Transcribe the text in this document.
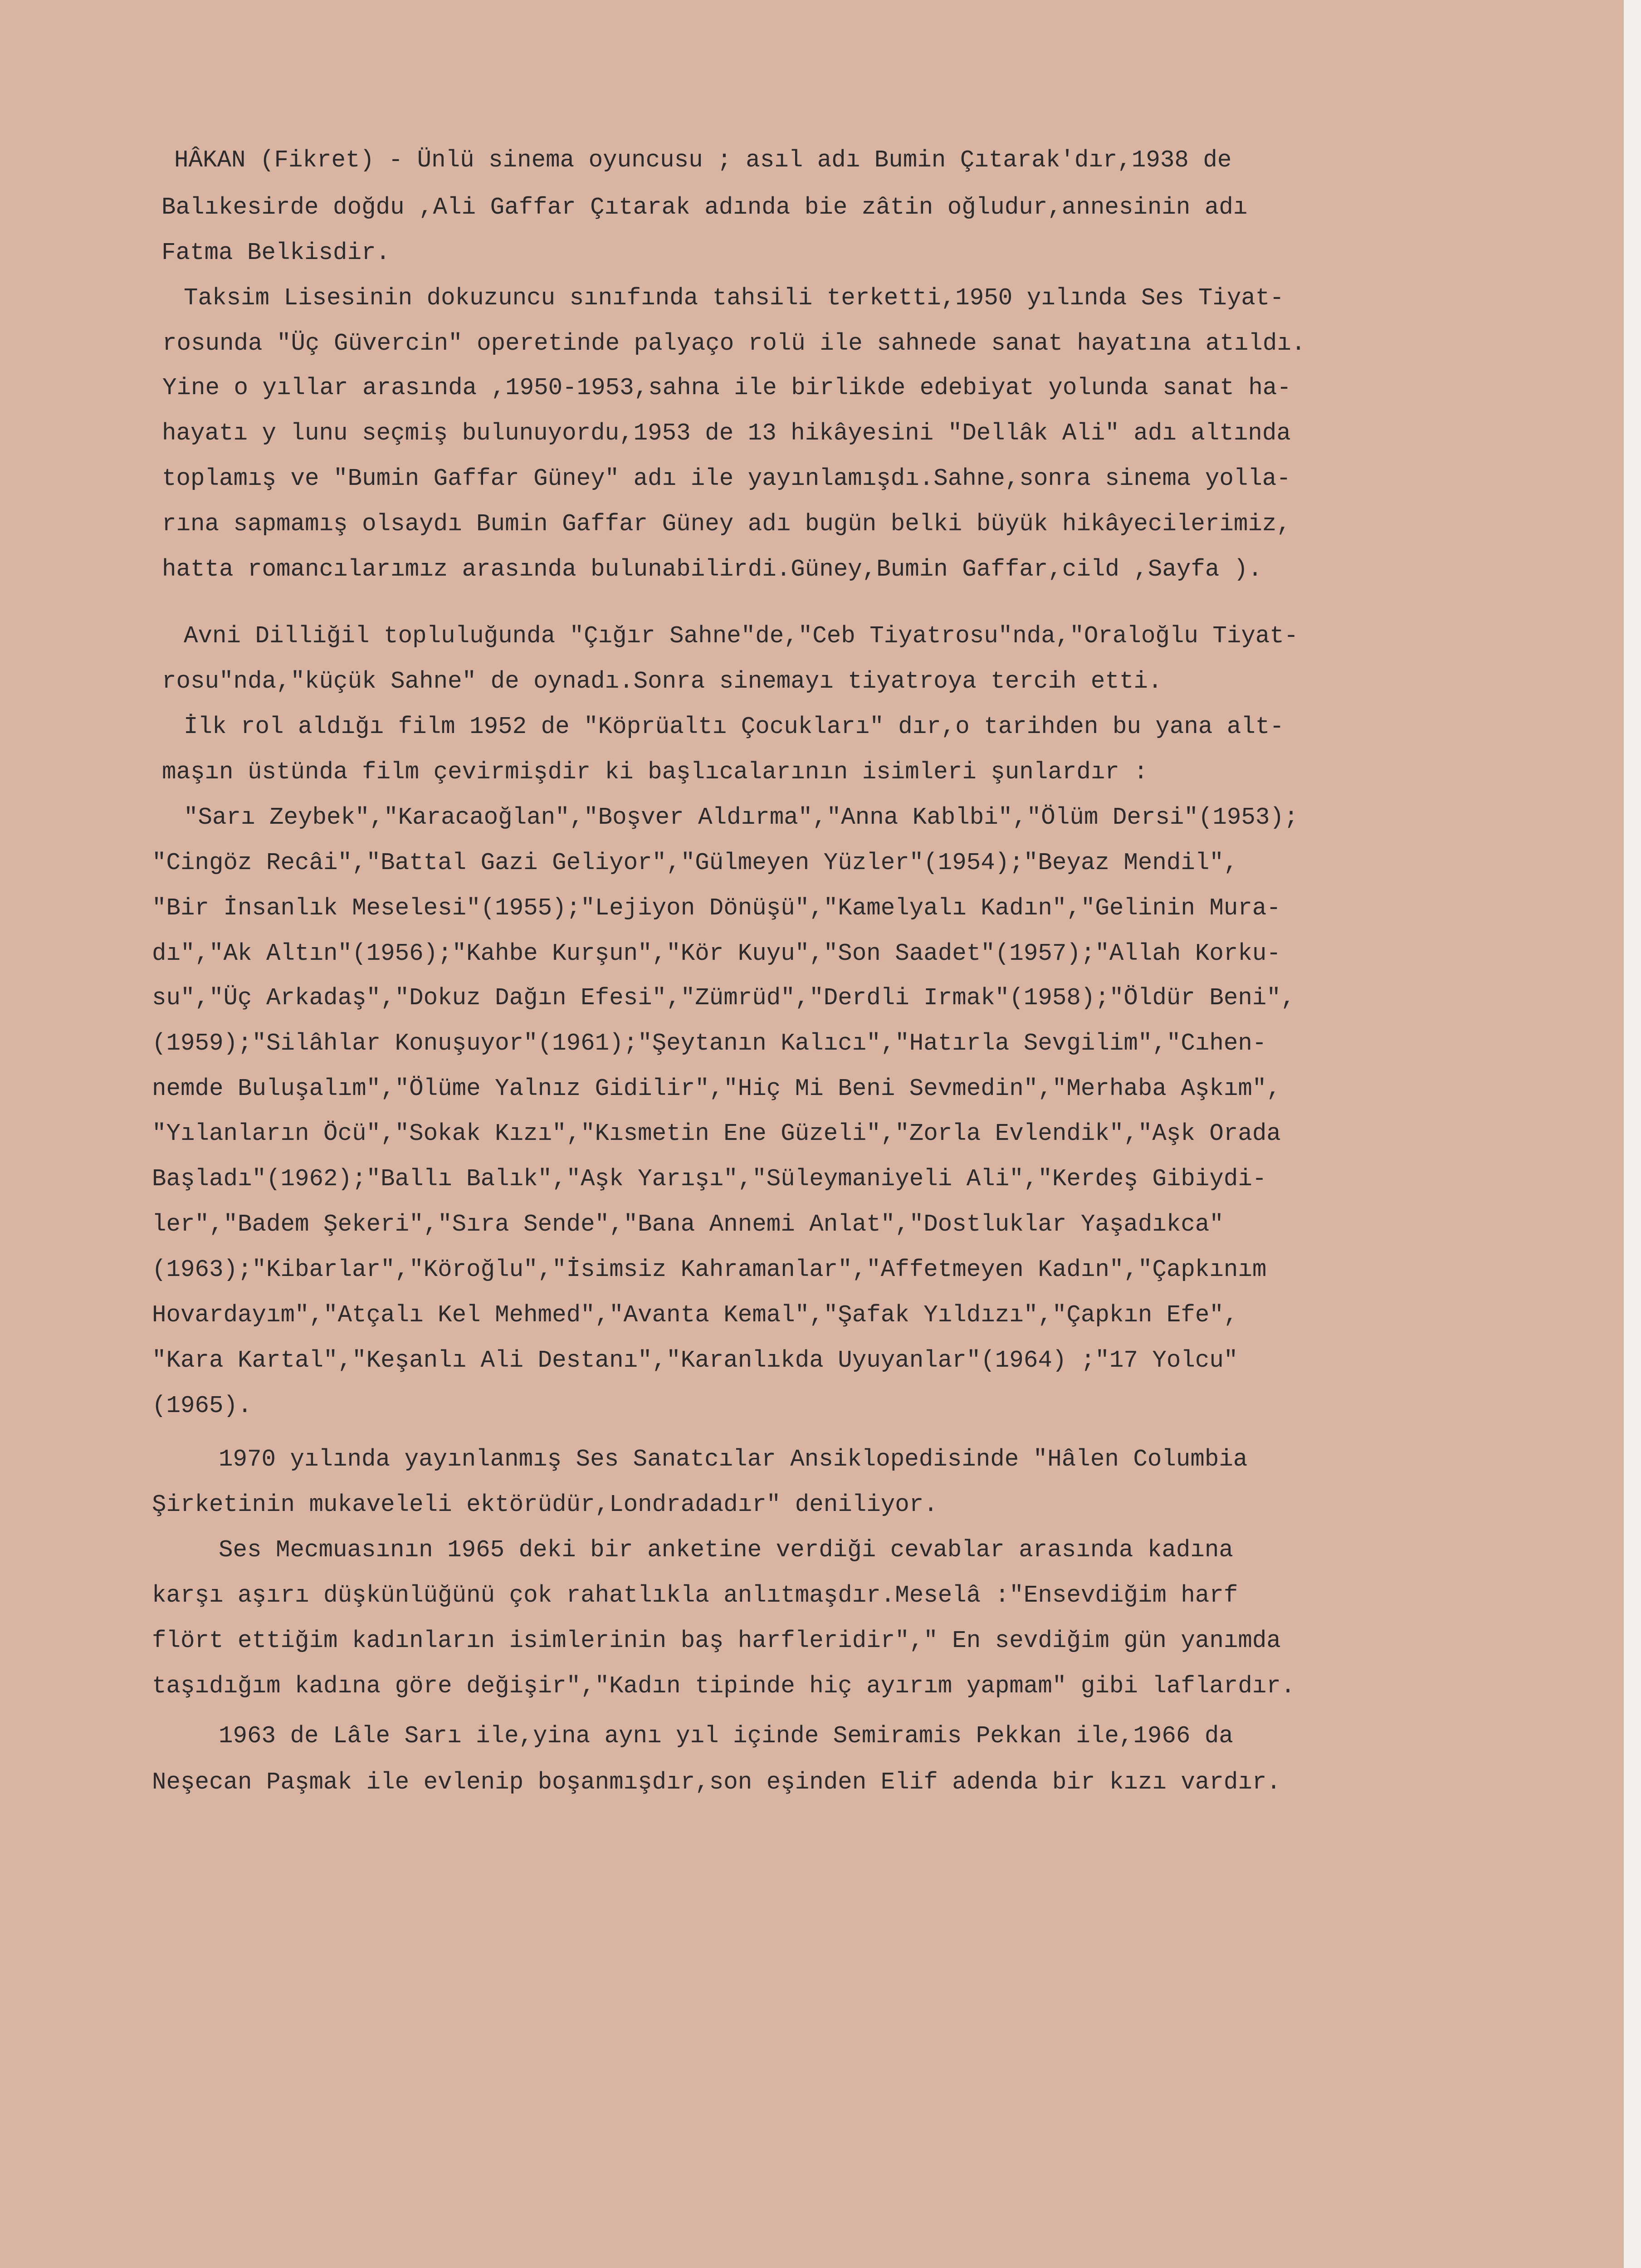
HÂKAN (Fikret) - Ünlü sinema oyuncusu ; asıl adı Bumin Çıtarak'dır,1938 de

Balıkesirde doğdu ,Ali Gaffar Çıtarak adında bie zâtin oğludur,annesinin adı

Fatma Belkisdir.

Taksim Lisesinin dokuzuncu sınıfında tahsili terketti,1950 yılında Ses Tiyat-

rosunda "Üç Güvercin" operetinde palyaço rolü ile sahnede sanat hayatına atıldı.

Yine o yıllar arasında ,1950-1953,sahna ile birlikde edebiyat yolunda sanat ha-

hayatı y lunu seçmiş bulunuyordu,1953 de 13 hikâyesini "Dellâk Ali" adı altında

toplamış ve "Bumin Gaffar Güney" adı ile yayınlamışdı.Sahne,sonra sinema yolla-

rına sapmamış olsaydı Bumin Gaffar Güney adı bugün belki büyük hikâyecilerimiz,

hatta romancılarımız arasında bulunabilirdi.Güney,Bumin Gaffar,cild ,Sayfa ).

Avni Dilliğil topluluğunda "Çığır Sahne"de,"Ceb Tiyatrosu"nda,"Oraloğlu Tiyat-

rosu"nda,"küçük Sahne" de oynadı.Sonra sinemayı tiyatroya tercih etti.

İlk rol aldığı film 1952 de "Köprüaltı Çocukları" dır,o tarihden bu yana alt-

maşın üstünda film çevirmişdir ki başlıcalarının isimleri şunlardır :

"Sarı Zeybek","Karacaoğlan","Boşver Aldırma","Anna Kablbi","Ölüm Dersi"(1953);

"Cingöz Recâi","Battal Gazi Geliyor","Gülmeyen Yüzler"(1954);"Beyaz Mendil",

"Bir İnsanlık Meselesi"(1955);"Lejiyon Dönüşü","Kamelyalı Kadın","Gelinin Mura-

dı","Ak Altın"(1956);"Kahbe Kurşun","Kör Kuyu","Son Saadet"(1957);"Allah Korku-

su","Üç Arkadaş","Dokuz Dağın Efesi","Zümrüd","Derdli Irmak"(1958);"Öldür Beni",

(1959);"Silâhlar Konuşuyor"(1961);"Şeytanın Kalıcı","Hatırla Sevgilim","Cıhen-

nemde Buluşalım","Ölüme Yalnız Gidilir","Hiç Mi Beni Sevmedin","Merhaba Aşkım",

"Yılanların Öcü","Sokak Kızı","Kısmetin Ene Güzeli","Zorla Evlendik","Aşk Orada

Başladı"(1962);"Ballı Balık","Aşk Yarışı","Süleymaniyeli Ali","Kerdeş Gibiydi-

ler","Badem Şekeri","Sıra Sende","Bana Annemi Anlat","Dostluklar Yaşadıkca"

(1963);"Kibarlar","Köroğlu","İsimsiz Kahramanlar","Affetmeyen Kadın","Çapkınım

Hovardayım","Atçalı Kel Mehmed","Avanta Kemal","Şafak Yıldızı","Çapkın Efe",

"Kara Kartal","Keşanlı Ali Destanı","Karanlıkda Uyuyanlar"(1964) ;"17 Yolcu"

(1965).

1970 yılında yayınlanmış Ses Sanatcılar Ansiklopedisinde "Hâlen Columbia

Şirketinin mukaveleli ektörüdür,Londradadır" deniliyor.

Ses Mecmuasının 1965 deki bir anketine verdiği cevablar arasında kadına

karşı aşırı düşkünlüğünü çok rahatlıkla anlıtmaşdır.Meselâ :"Ensevdiğim harf

flört ettiğim kadınların isimlerinin baş harfleridir"," En sevdiğim gün yanımda

taşıdığım kadına göre değişir","Kadın tipinde hiç ayırım yapmam" gibi laflardır.

1963 de Lâle Sarı ile,yina aynı yıl içinde Semiramis Pekkan ile,1966 da

Neşecan Paşmak ile evlenip boşanmışdır,son eşinden Elif adenda bir kızı vardır.
